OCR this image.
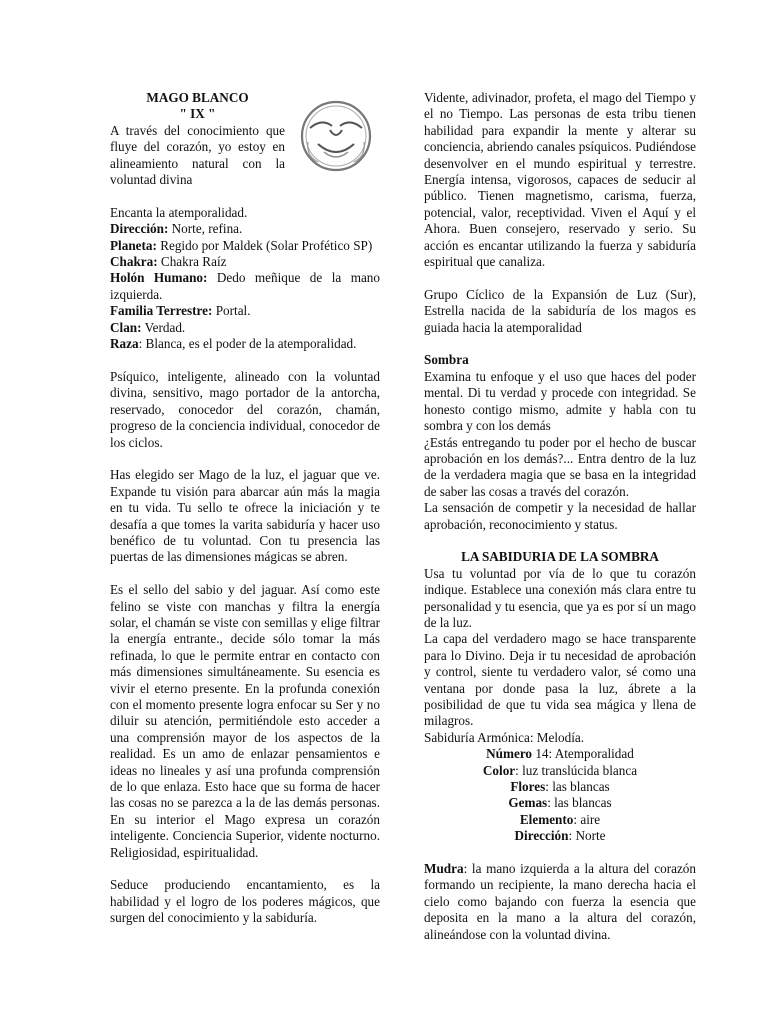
MAGO BLANCO

" IX "

A través del conocimiento que fluye del corazón, yo estoy en alineamiento natural con la voluntad divina

Encanta la atemporalidad.

Dirección: Norte, refina.

Planeta: Regido por Maldek (Solar Profético SP)

Chakra: Chakra Raíz

Holón Humano: Dedo meñique de la mano izquierda.

Familia Terrestre: Portal.

Clan: Verdad.

Raza: Blanca, es el poder de la atemporalidad.

Psíquico, inteligente, alineado con la voluntad divina, sensitivo, mago portador de la antorcha, reservado, conocedor del corazón, chamán, progreso de la conciencia individual, conocedor de los ciclos.

Has elegido ser Mago de la luz, el jaguar que ve. Expande tu visión para abarcar aún más la magia en tu vida. Tu sello te ofrece la iniciación y te desafía a que tomes la varita sabiduría y hacer uso benéfico de tu voluntad. Con tu presencia las puertas de las dimensiones mágicas se abren.

Es el sello del sabio y del jaguar. Así como este felino se viste con manchas y filtra la energía solar, el chamán se viste con semillas y elige filtrar la energía entrante., decide sólo tomar la más refinada, lo que le permite entrar en contacto con más dimensiones simultáneamente. Su esencia es vivir el eterno presente. En la profunda conexión con el momento presente logra enfocar su Ser y no diluir su atención, permitiéndole esto acceder a una comprensión mayor de los aspectos de la realidad. Es un amo de enlazar pensamientos e ideas no lineales y así una profunda comprensión de lo que enlaza. Esto hace que su forma de hacer las cosas no se parezca a la de las demás personas. En su interior el Mago expresa un corazón inteligente. Conciencia Superior, vidente nocturno. Religiosidad, espiritualidad.

Seduce produciendo encantamiento, es la habilidad y el logro de los poderes mágicos, que surgen del conocimiento y la sabiduría.

Vidente, adivinador, profeta, el mago del Tiempo y el no Tiempo. Las personas de esta tribu tienen habilidad para expandir la mente y alterar su conciencia, abriendo canales psíquicos. Pudiéndose desenvolver en el mundo espiritual y terrestre. Energía intensa, vigorosos, capaces de seducir al público. Tienen magnetismo, carisma, fuerza, potencial, valor, receptividad. Viven el Aquí y el Ahora. Buen consejero, reservado y serio. Su acción es encantar utilizando la fuerza y sabiduría espiritual que canaliza.

Grupo Cíclico de la Expansión de Luz (Sur), Estrella nacida de la sabiduría de los magos es guiada hacia la atemporalidad

Sombra

Examina tu enfoque y el uso que haces del poder mental. Di tu verdad y procede con integridad. Se honesto contigo mismo, admite y habla con tu sombra y con los demás

¿Estás entregando tu poder por el hecho de buscar aprobación en los demás?... Entra dentro de la luz de la verdadera magia que se basa en la integridad de saber las cosas a través del corazón.

La sensación de competir y la necesidad de hallar aprobación, reconocimiento y status.

LA SABIDURIA DE LA SOMBRA

Usa tu voluntad por vía de lo que tu corazón indique. Establece una conexión más clara entre tu personalidad y tu esencia, que ya es por sí un mago de la luz.

La capa del verdadero mago se hace transparente para lo Divino. Deja ir tu necesidad de aprobación y control, siente tu verdadero valor, sé como una ventana por donde pasa la luz, ábrete a la posibilidad de que tu vida sea mágica y llena de milagros.

Sabiduría Armónica: Melodía.

Número 14: Atemporalidad

Color: luz translúcida blanca

Flores: las blancas

Gemas: las blancas

Elemento: aire

Dirección: Norte

Mudra: la mano izquierda a la altura del corazón formando un recipiente, la mano derecha hacia el cielo como bajando con fuerza la esencia que deposita en la mano a la altura del corazón, alineándose con la voluntad divina.
